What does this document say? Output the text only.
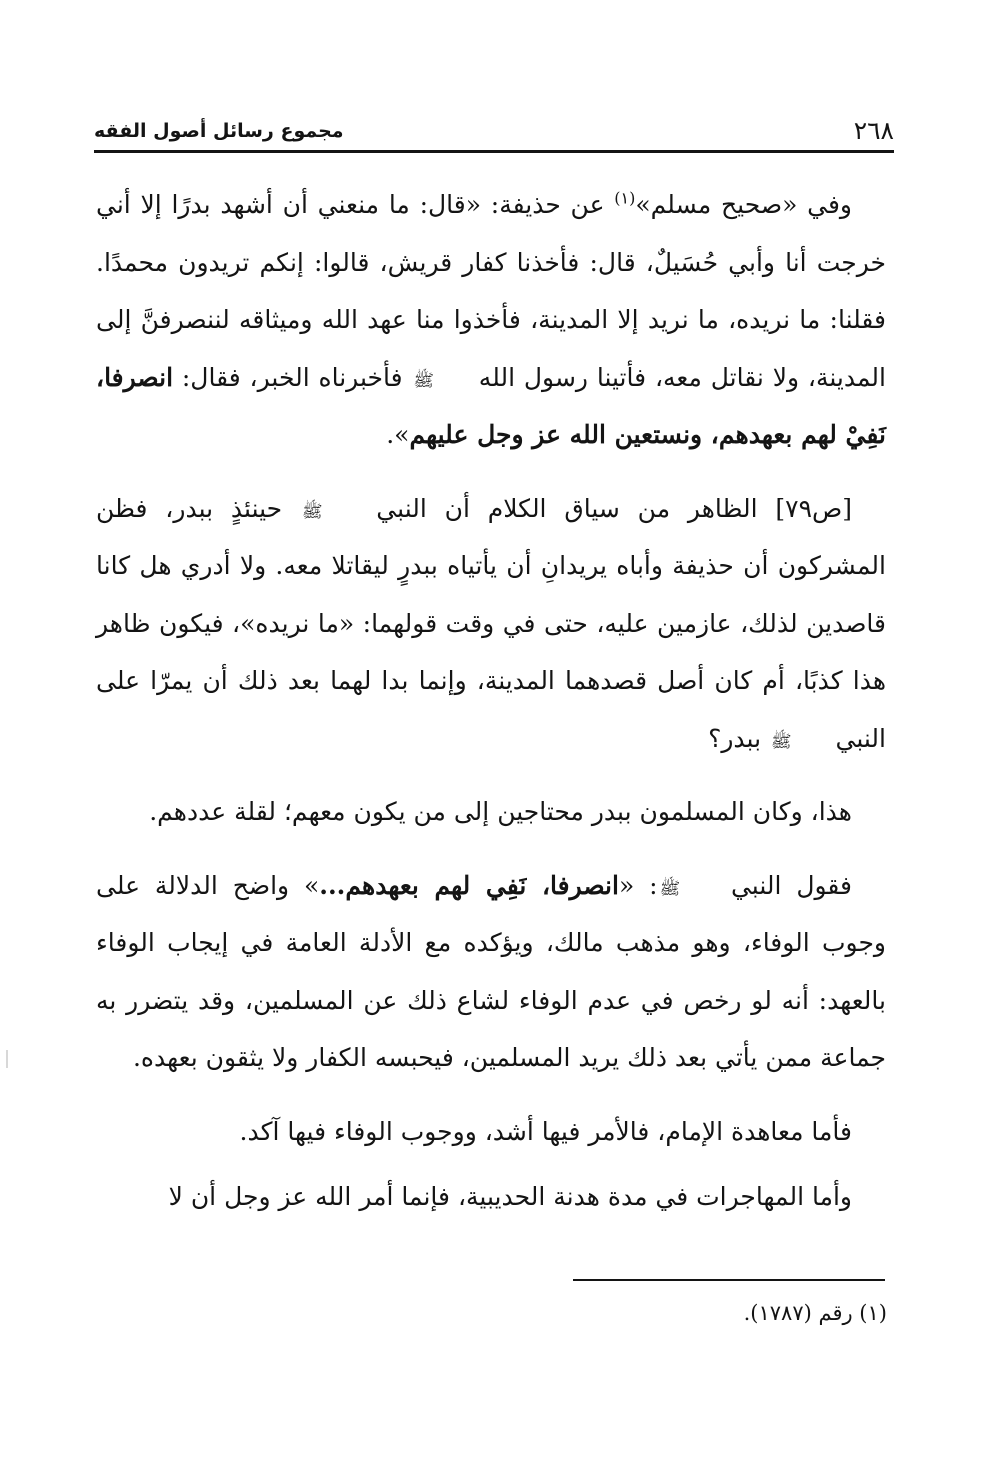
٢٦٨
مجموع رسائل أصول الفقه

وفي «صحيح مسلم»$^{(١)}$ عن حذيفة: «قال: ما منعني أن أشهد بدرًا إلا أني خرجت أنا وأبي حُسَيلٌ، قال: فأخذنا كفار قريش، قالوا: إنكم تريدون محمدًا. فقلنا: ما نريده، ما نريد إلا المدينة، فأخذوا منا عهد الله وميثاقه لننصرفنَّ إلى المدينة، ولا نقاتل معه، فأتينا رسول الله ﷺ فأخبرناه الخبر، فقال: انصرفا، نَفِيْ لهم بعهدهم، ونستعين الله عز وجل عليهم».

[ص٧٩] الظاهر من سياق الكلام أن النبي ﷺ حينئذٍ ببدر، فظن المشركون أن حذيفة وأباه يريدانِ أن يأتياه ببدرٍ ليقاتلا معه. ولا أدري هل كانا قاصدين لذلك، عازمين عليه، حتى في وقت قولهما: «ما نريده»، فيكون ظاهر هذا كذبًا، أم كان أصل قصدهما المدينة، وإنما بدا لهما بعد ذلك أن يمرّا على النبي ﷺ ببدر؟

هذا، وكان المسلمون ببدر محتاجين إلى من يكون معهم؛ لقلة عددهم.

فقول النبي ﷺ: «انصرفا، نَفِي لهم بعهدهم...» واضح الدلالة على وجوب الوفاء، وهو مذهب مالك، ويؤكده مع الأدلة العامة في إيجاب الوفاء بالعهد: أنه لو رخص في عدم الوفاء لشاع ذلك عن المسلمين، وقد يتضرر به جماعة ممن يأتي بعد ذلك يريد المسلمين، فيحبسه الكفار ولا يثقون بعهده.

فأما معاهدة الإمام، فالأمر فيها أشد، ووجوب الوفاء فيها آكد.

وأما المهاجرات في مدة هدنة الحديبية، فإنما أمر الله عز وجل أن لا

(١) رقم (١٧٨٧).
